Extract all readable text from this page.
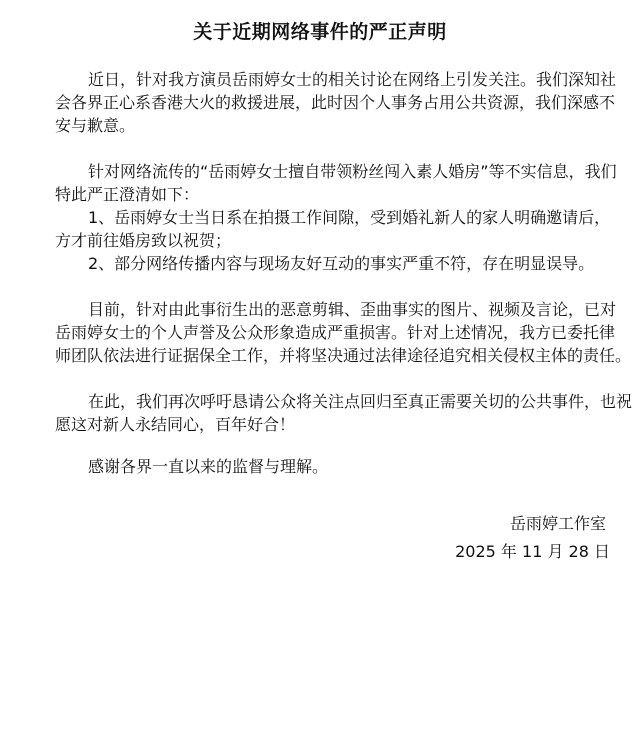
关于近期网络事件的严正声明
近日，针对我方演员岳雨婷女士的相关讨论在网络上引发关注。我们深知社
会各界正心系香港大火的救援进展，此时因个人事务占用公共资源，我们深感不
安与歉意。
针对网络流传的“岳雨婷女士擅自带领粉丝闯入素人婚房”等不实信息，我们
特此严正澄清如下：
1、岳雨婷女士当日系在拍摄工作间隙，受到婚礼新人的家人明确邀请后，
方才前往婚房致以祝贺；
2、部分网络传播内容与现场友好互动的事实严重不符，存在明显误导。
目前，针对由此事衍生出的恶意剪辑、歪曲事实的图片、视频及言论，已对
岳雨婷女士的个人声誉及公众形象造成严重损害。针对上述情况，我方已委托律
师团队依法进行证据保全工作，并将坚决通过法律途径追究相关侵权主体的责任。
在此，我们再次呼吁恳请公众将关注点回归至真正需要关切的公共事件，也祝
愿这对新人永结同心，百年好合！
感谢各界一直以来的监督与理解。
岳雨婷工作室
2025 年 11 月 28 日
